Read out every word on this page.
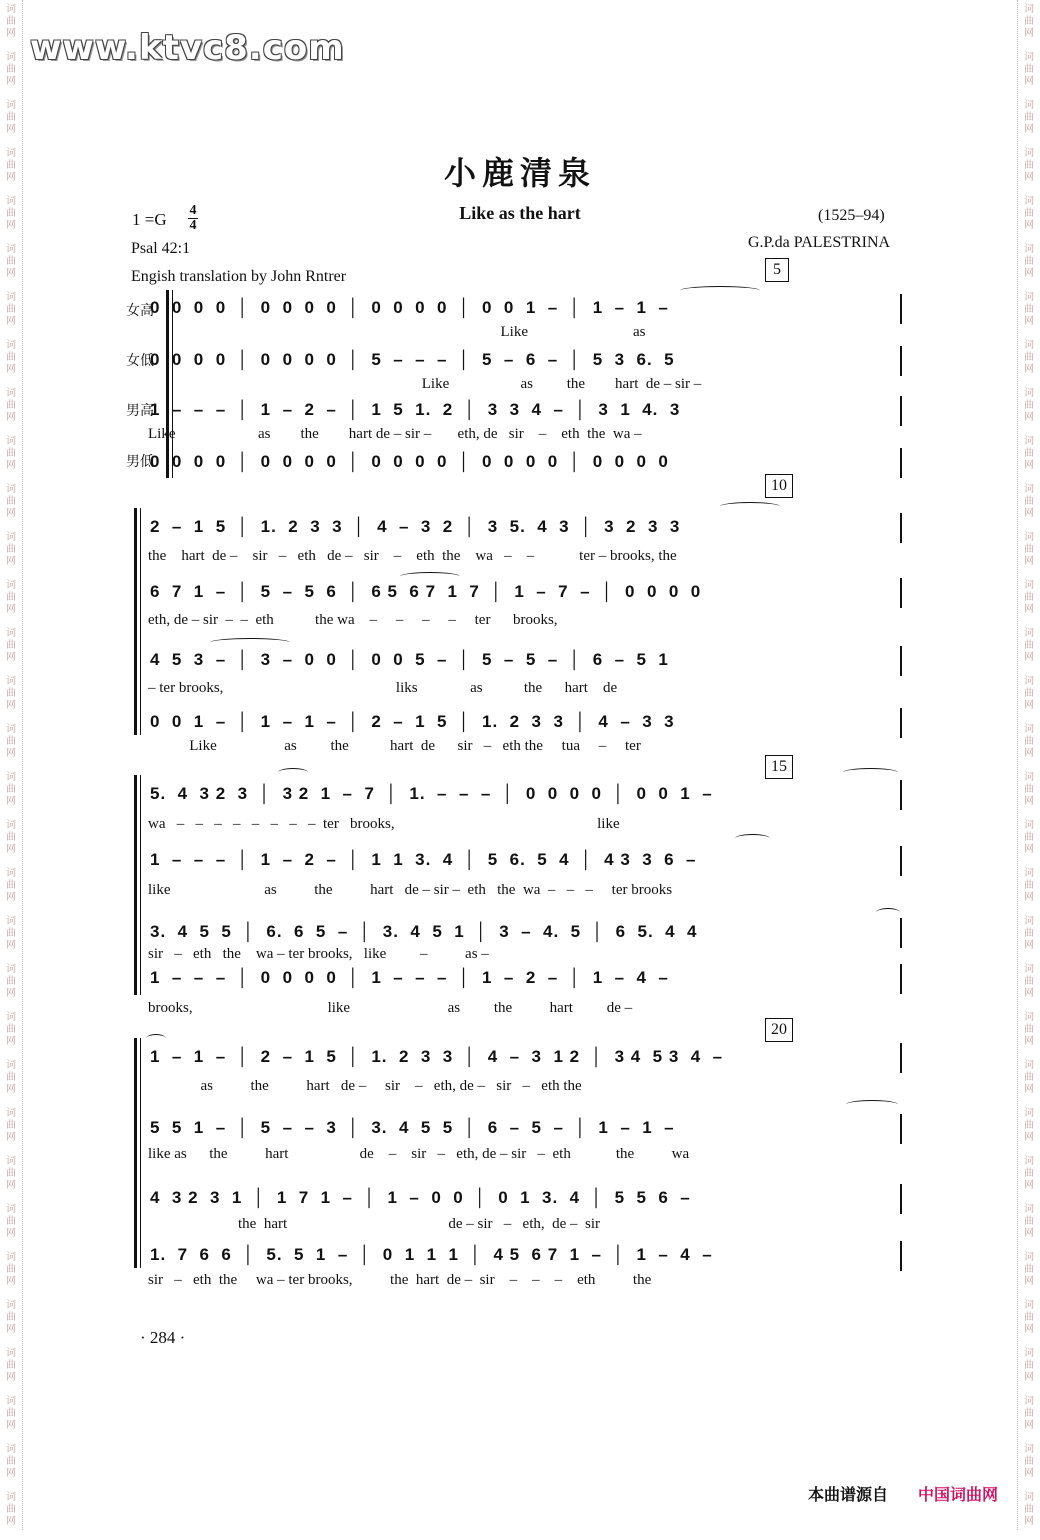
词
曲
网
词
曲
网
词
曲
网
词
曲
网
词
曲
网
词
曲
网
词
曲
网
词
曲
网
词
曲
网
词
曲
网
词
曲
网
词
曲
网
词
曲
网
词
曲
网
词
曲
网
词
曲
网
词
曲
网
词
曲
网
词
曲
网
词
曲
网
词
曲
网
词
曲
网
词
曲
网
词
曲
网
词
曲
网
词
曲
网
词
曲
网
词
曲
网
词
曲
网
词
曲
网
词
曲
网
词
曲
网
词
曲
网
词
曲
网
词
曲
网
词
曲
网
词
曲
网
词
曲
网
词
曲
网
词
曲
网
词
曲
网
词
曲
网
词
曲
网
词
曲
网
词
曲
网
词
曲
网
词
曲
网
词
曲
网
词
曲
网
词
曲
网
词
曲
网
词
曲
网
词
曲
网
词
曲
网
词
曲
网
词
曲
网
词
曲
网
词
曲
网
词
曲
网
词
曲
网
词
曲
网
词
曲
网
词
曲
网
词
曲
网
www.ktvc8.com
小鹿清泉
Like as the hart
1 =G 4
4
(1525–94)
Psal 42:1	G.P.da PALESTRINA
Engish translation by John Rntrer
女高
女低
男高
男低
5
0  0  0  0  │  0  0  0  0  │  0  0  0  0  │  0  0  1  –  │  1  –  1  –
Like                            as
0  0  0  0  │  0  0  0  0  │  5  –  –  –  │  5  –  6  –  │  5  3  6.  5
Like                   as         the        hart  de – sir –
1  –  –  –  │  1  –  2  –  │  1  5  1.  2  │  3  3  4  –  │  3  1  4.  3
Like                      as        the        hart de – sir –       eth, de   sir    –    eth  the  wa –
0  0  0  0  │  0  0  0  0  │  0  0  0  0  │  0  0  0  0  │  0  0  0  0
10
2  –  1  5  │  1.  2  3  3  │  4  –  3  2  │  3  5.  4  3  │  3  2  3  3
the    hart  de –    sir   –   eth   de –   sir    –    eth  the    wa   –    –            ter – brooks, the
6  7  1  –  │  5  –  5  6  │  6 5  6 7  1  7  │  1  –  7  –  │  0  0  0  0
eth, de – sir  –  –  eth           the wa    –     –     –     –     ter      brooks,
4  5  3  –  │  3  –  0  0  │  0  0  5  –  │  5  –  5  –  │  6  –  5  1
– ter brooks,                                              liks              as           the      hart    de
0  0  1  –  │  1  –  1  –  │  2  –  1  5  │  1.  2  3  3  │  4  –  3  3
Like                  as         the           hart  de      sir   –   eth the     tua     –     ter
15
5.  4  3 2  3  │  3 2  1  –  7  │  1.  –  –  –  │  0  0  0  0  │  0  0  1  –
wa   –   –   –   –   –   –   –   –  ter   brooks,                                                      like
1  –  –  –  │  1  –  2  –  │  1  1  3.  4  │  5  6.  5  4  │  4 3  3  6  –
like                         as          the          hart   de – sir –  eth   the  wa  –   –   –     ter brooks
3.  4  5  5  │  6.  6  5  –  │  3.  4  5  1  │  3  –  4.  5  │  6  5.  4  4
sir   –   eth   the    wa – ter brooks,   like         –          as –
1  –  –  –  │  0  0  0  0  │  1  –  –  –  │  1  –  2  –  │  1  –  4  –
brooks,                                    like                          as         the          hart         de –
20
1  –  1  –  │  2  –  1  5  │  1.  2  3  3  │  4  –  3  1 2  │  3 4  5 3  4  –
as          the          hart   de –     sir    –   eth, de –   sir   –   eth the
5  5  1  –  │  5  –  –  3  │  3.  4  5  5  │  6  –  5  –  │  1  –  1  –
like as      the          hart                   de    –    sir   –   eth, de – sir   –  eth            the          wa
4  3 2  3  1  │  1  7  1  –  │  1  –  0  0  │  0  1  3.  4  │  5  5  6  –
the  hart                                           de – sir   –   eth,  de –  sir
1.  7  6  6  │  5.  5  1  –  │  0  1  1  1  │  4 5  6 7  1  –  │  1  –  4  –
sir   –   eth  the     wa – ter brooks,          the  hart  de –  sir    –    –    –    eth          the
· 284 ·
本曲谱源自 中国词曲网
